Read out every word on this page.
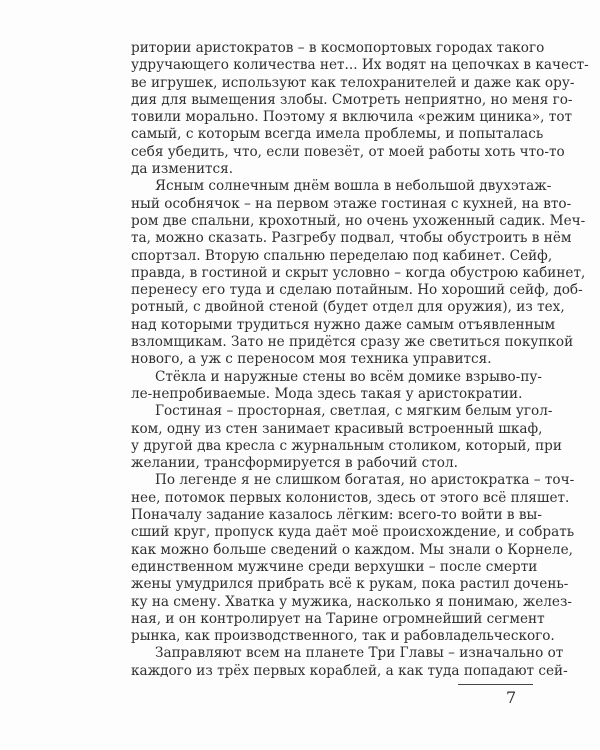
ритории аристократов – в космопортовых городах такого
удручающего количества нет... Их водят на цепочках в качест-
ве игрушек, используют как телохранителей и даже как ору-
дия для вымещения злобы. Смотреть неприятно, но меня го-
товили морально. Поэтому я включила «режим циника», тот
самый, с которым всегда имела проблемы, и попыталась
себя убедить, что, если повезёт, от моей работы хоть что-то
да изменится.
Ясным солнечным днём вошла в небольшой двухэтаж-
ный особнячок – на первом этаже гостиная с кухней, на вто-
ром две спальни, крохотный, но очень ухоженный садик. Меч-
та, можно сказать. Разгребу подвал, чтобы обустроить в нём
спортзал. Вторую спальню переделаю под кабинет. Сейф,
правда, в гостиной и скрыт условно – когда обустрою кабинет,
перенесу его туда и сделаю потайным. Но хороший сейф, доб-
ротный, с двойной стеной (будет отдел для оружия), из тех,
над которыми трудиться нужно даже самым отъявленным
взломщикам. Зато не придётся сразу же светиться покупкой
нового, а уж с переносом моя техника управится.
Стёкла и наружные стены во всём домике взрыво-пу-
ле-непробиваемые. Мода здесь такая у аристократии.
Гостиная – просторная, светлая, с мягким белым угол-
ком, одну из стен занимает красивый встроенный шкаф,
у другой два кресла с журнальным столиком, который, при
желании, трансформируется в рабочий стол.
По легенде я не слишком богатая, но аристократка – точ-
нее, потомок первых колонистов, здесь от этого всё пляшет.
Поначалу задание казалось лёгким: всего-то войти в вы-
сший круг, пропуск куда даёт моё происхождение, и собрать
как можно больше сведений о каждом. Мы знали о Корнеле,
единственном мужчине среди верхушки – после смерти
жены умудрился прибрать всё к рукам, пока растил дочень-
ку на смену. Хватка у мужика, насколько я понимаю, желез-
ная, и он контролирует на Тарине огромнейший сегмент
рынка, как производственного, так и рабовладельческого.
Заправляют всем на планете Три Главы – изначально от
каждого из трёх первых кораблей, а как туда попадают сей-
7
